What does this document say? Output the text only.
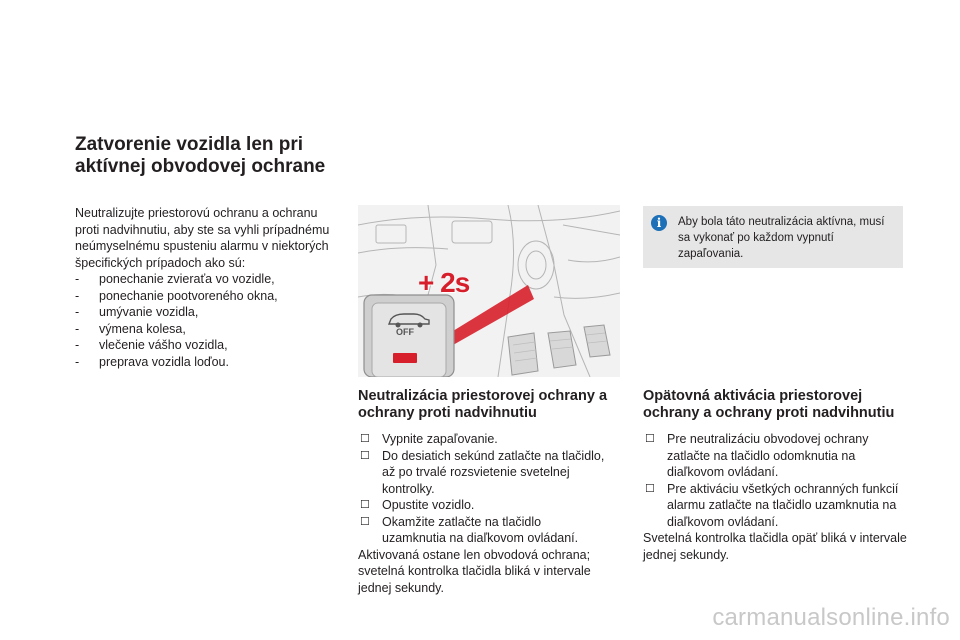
Zatvorenie vozidla len pri aktívnej obvodovej ochrane
Neutralizujte priestorovú ochranu a ochranu proti nadvihnutiu, aby ste sa vyhli prípadnému neúmyselnému spusteniu alarmu v niektorých špecifických prípadoch ako sú:
- ponechanie zvieraťa vo vozidle,
- ponechanie pootvoreného okna,
- umývanie vozidla,
- výmena kolesa,
- vlečenie vášho vozidla,
- preprava vozidla loďou.
+ 2s
OFF
i	Aby bola táto neutralizácia aktívna, musí sa vykonať po každom vypnutí zapaľovania.
Neutralizácia priestorovej ochrany a ochrany proti nadvihnutiu
☐ Vypnite zapaľovanie.
☐ Do desiatich sekúnd zatlačte na tlačidlo, až po trvalé rozsvietenie svetelnej kontrolky.
☐ Opustite vozidlo.
☐ Okamžite zatlačte na tlačidlo uzamknutia na diaľkovom ovládaní.
Aktivovaná ostane len obvodová ochrana; svetelná kontrolka tlačidla bliká v intervale jednej sekundy.
Opätovná aktivácia priestorovej ochrany a ochrany proti nadvihnutiu
☐ Pre neutralizáciu obvodovej ochrany zatlačte na tlačidlo odomknutia na diaľkovom ovládaní.
☐ Pre aktiváciu všetkých ochranných funkcií alarmu zatlačte na tlačidlo uzamknutia na diaľkovom ovládaní.
Svetelná kontrolka tlačidla opäť bliká v intervale jednej sekundy.
carmanualsonline.info
